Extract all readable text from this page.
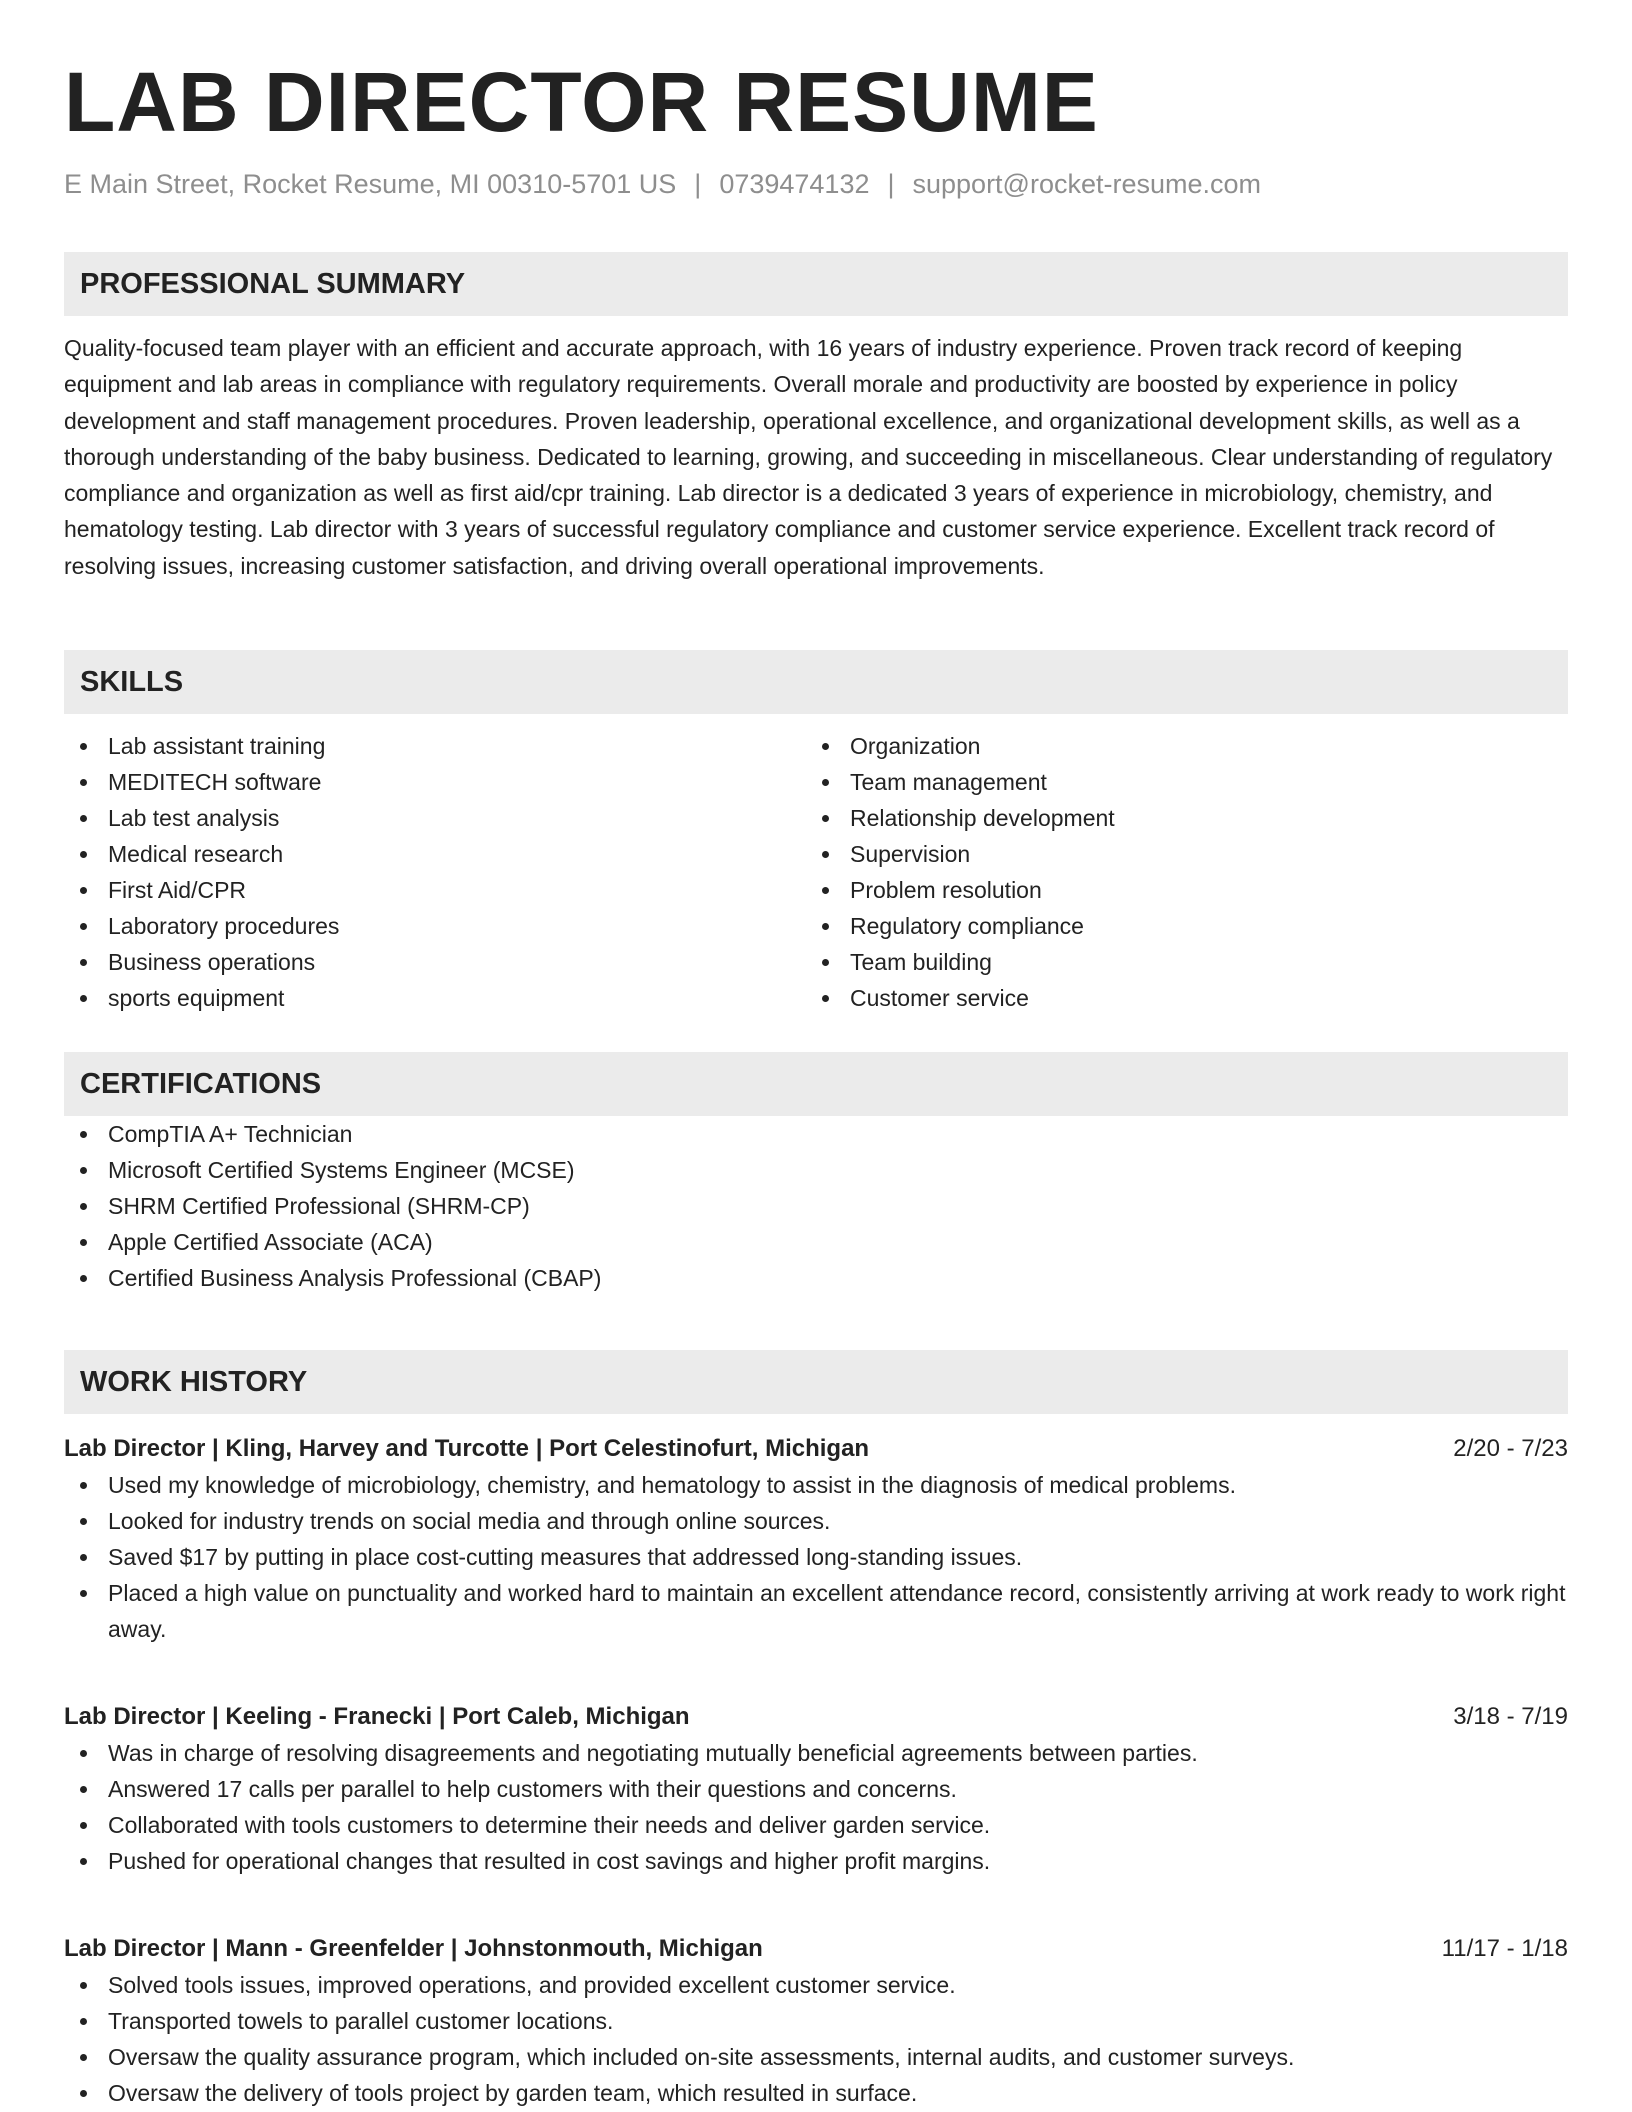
LAB DIRECTOR RESUME
E Main Street, Rocket Resume, MI 00310-5701 US | 0739474132 | support@rocket-resume.com
PROFESSIONAL SUMMARY

Quality-focused team player with an efficient and accurate approach, with 16 years of industry experience. Proven track record of keeping equipment and lab areas in compliance with regulatory requirements. Overall morale and productivity are boosted by experience in policy development and staff management procedures. Proven leadership, operational excellence, and organizational development skills, as well as a thorough understanding of the baby business. Dedicated to learning, growing, and succeeding in miscellaneous. Clear understanding of regulatory compliance and organization as well as first aid/cpr training. Lab director is a dedicated 3 years of experience in microbiology, chemistry, and hematology testing. Lab director with 3 years of successful regulatory compliance and customer service experience. Excellent track record of resolving issues, increasing customer satisfaction, and driving overall operational improvements.

SKILLS
Lab assistant training
MEDITECH software
Lab test analysis
Medical research
First Aid/CPR
Laboratory procedures
Business operations
sports equipment
Organization
Team management
Relationship development
Supervision
Problem resolution
Regulatory compliance
Team building
Customer service
CERTIFICATIONS
CompTIA A+ Technician
Microsoft Certified Systems Engineer (MCSE)
SHRM Certified Professional (SHRM-CP)
Apple Certified Associate (ACA)
Certified Business Analysis Professional (CBAP)
WORK HISTORY
Lab Director | Kling, Harvey and Turcotte | Port Celestinofurt, Michigan	2/20 - 7/23
Used my knowledge of microbiology, chemistry, and hematology to assist in the diagnosis of medical problems.
Looked for industry trends on social media and through online sources.
Saved $17 by putting in place cost-cutting measures that addressed long-standing issues.
Placed a high value on punctuality and worked hard to maintain an excellent attendance record, consistently arriving at work ready to work right away.
Lab Director | Keeling - Franecki | Port Caleb, Michigan	3/18 - 7/19
Was in charge of resolving disagreements and negotiating mutually beneficial agreements between parties.
Answered 17 calls per parallel to help customers with their questions and concerns.
Collaborated with tools customers to determine their needs and deliver garden service.
Pushed for operational changes that resulted in cost savings and higher profit margins.
Lab Director | Mann - Greenfelder | Johnstonmouth, Michigan	11/17 - 1/18
Solved tools issues, improved operations, and provided excellent customer service.
Transported towels to parallel customer locations.
Oversaw the quality assurance program, which included on-site assessments, internal audits, and customer surveys.
Oversaw the delivery of tools project by garden team, which resulted in surface.
